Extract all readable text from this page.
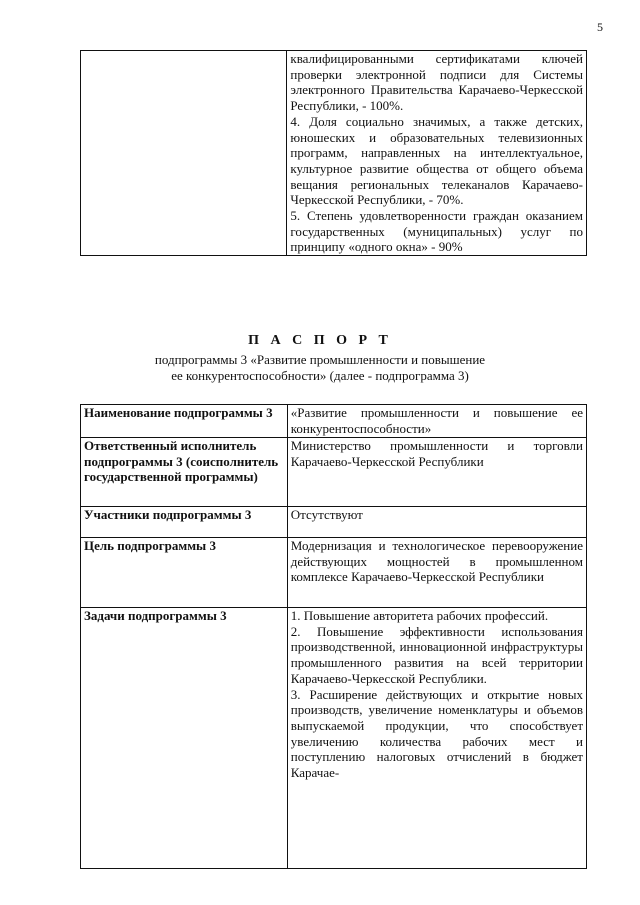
5

квалифицированными сертификатами ключей проверки электронной подписи для Системы электронного Правительства Карачаево-Черкесской Республики, - 100%.
4. Доля социально значимых, а также детских, юношеских и образовательных телевизионных программ, направленных на интеллектуальное, культурное развитие общества от общего объема вещания региональных телеканалов Карачаево-Черкесской Республики, - 70%.
5. Степень удовлетворенности граждан оказанием государственных (муниципальных) услуг по принципу «одного окна» - 90%
П А С П О Р Т
подпрограммы 3 «Развитие промышленности и повышение
ее конкурентоспособности» (далее - подпрограмма 3)
Наименование подпрограммы 3	«Развитие промышленности и повышение ее конкурентоспособности»

Ответственный исполнитель подпрограммы 3 (соисполнитель государственной программы)	Министерство промышленности и торговли Карачаево-Черкесской Республики

Участники подпрограммы 3	Отсутствуют

Цель подпрограммы 3	Модернизация и технологическое перевооружение действующих мощностей в промышленном комплексе Карачаево-Черкесской Республики

Задачи подпрограммы 3	1. Повышение авторитета рабочих профессий.
2. Повышение эффективности использования производственной, инновационной инфраструктуры промышленного развития на всей территории Карачаево-Черкесской Республики.
3. Расширение действующих и открытие новых производств, увеличение номенклатуры и объемов выпускаемой продукции, что способствует увеличению количества рабочих мест и поступлению налоговых отчислений в бюджет Карачае-
